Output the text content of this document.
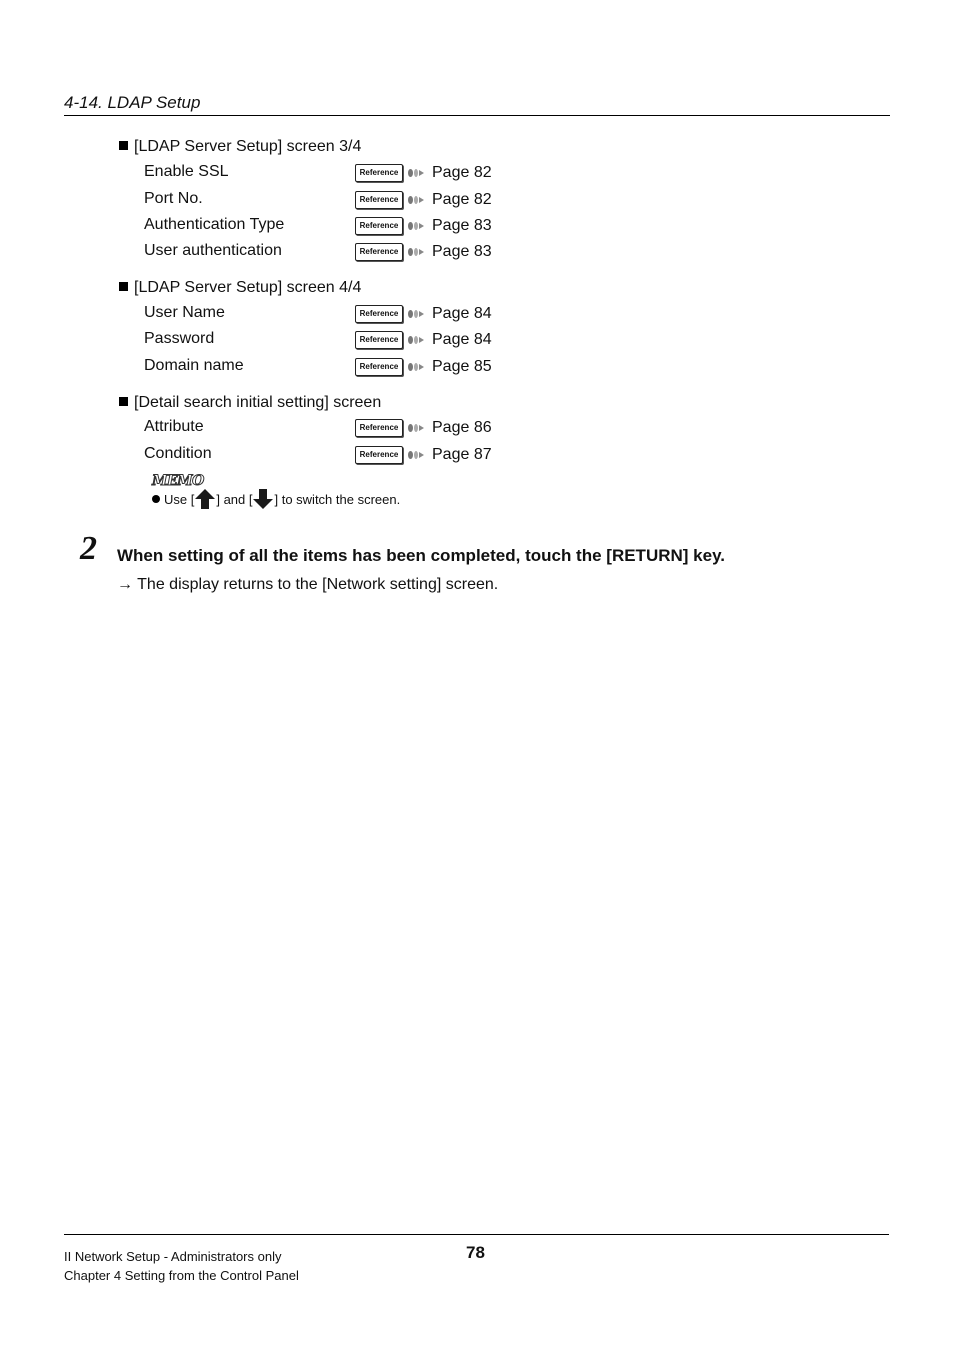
4-14. LDAP Setup
[LDAP Server Setup] screen 3/4
Enable SSL	Reference Page 82
Port No.	Reference Page 82
Authentication Type	Reference Page 83
User authentication	Reference Page 83
[LDAP Server Setup] screen 4/4
User Name	Reference Page 84
Password	Reference Page 84
Domain name	Reference Page 85
[Detail search initial setting] screen
Attribute	Reference Page 86
Condition	Reference Page 87
MEMO
Use [ ] and [ ] to switch the screen.
2 When setting of all the items has been completed, touch the [RETURN] key.
→ The display returns to the [Network setting] screen.
II Network Setup - Administrators only
Chapter 4 Setting from the Control Panel
78
